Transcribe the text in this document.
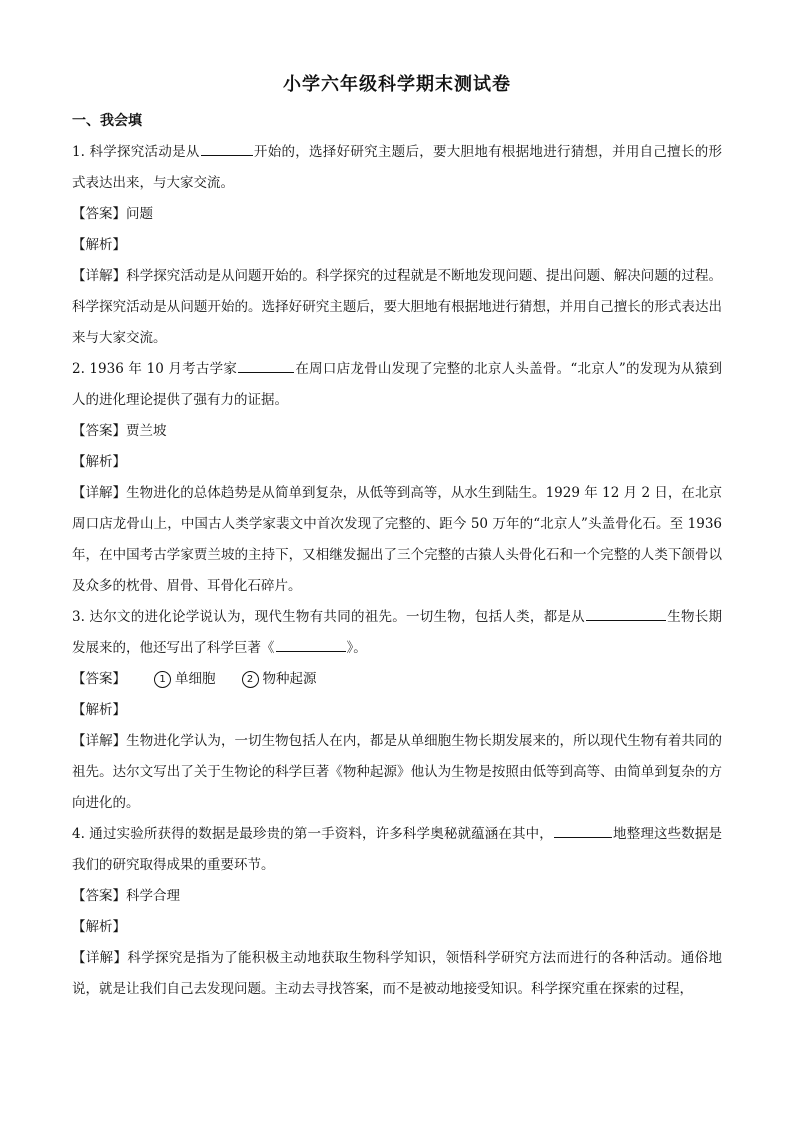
小学六年级科学期末测试卷
一、我会填

1. 科学探究活动是从	开始的，选择好研究主题后，要大胆地有根据地进行猜想，并用自己擅长的形式表达出来，与大家交流。

【答案】问题

【解析】

【详解】科学探究活动是从问题开始的。科学探究的过程就是不断地发现问题、提出问题、解决问题的过程。科学探究活动是从问题开始的。选择好研究主题后，要大胆地有根据地进行猜想，并用自己擅长的形式表达出来与大家交流。

2. 1936 年 10 月考古学家	在周口店龙骨山发现了完整的北京人头盖骨。“北京人”的发现为从猿到人的进化理论提供了强有力的证据。

【答案】贾兰坡

【解析】

【详解】生物进化的总体趋势是从简单到复杂，从低等到高等，从水生到陆生。1929 年 12 月 2 日，在北京周口店龙骨山上，中国古人类学家裴文中首次发现了完整的、距今 50 万年的“北京人”头盖骨化石。至 1936 年，在中国考古学家贾兰坡的主持下，又相继发掘出了三个完整的古猿人头骨化石和一个完整的人类下颌骨以及众多的枕骨、眉骨、耳骨化石碎片。

3. 达尔文的进化论学说认为，现代生物有共同的祖先。一切生物，包括人类，都是从	生物长期发展来的，他还写出了科学巨著《	》。

【答案】	1 单细胞	2 物种起源

【解析】

【详解】生物进化学认为，一切生物包括人在内，都是从单细胞生物长期发展来的，所以现代生物有着共同的祖先。达尔文写出了关于生物论的科学巨著《物种起源》他认为生物是按照由低等到高等、由简单到复杂的方向进化的。

4. 通过实验所获得的数据是最珍贵的第一手资料，许多科学奥秘就蕴涵在其中，	地整理这些数据是我们的研究取得成果的重要环节。

【答案】科学合理

【解析】

【详解】科学探究是指为了能积极主动地获取生物科学知识，领悟科学研究方法而进行的各种活动。通俗地说，就是让我们自己去发现问题。主动去寻找答案，而不是被动地接受知识。科学探究重在探索的过程，
